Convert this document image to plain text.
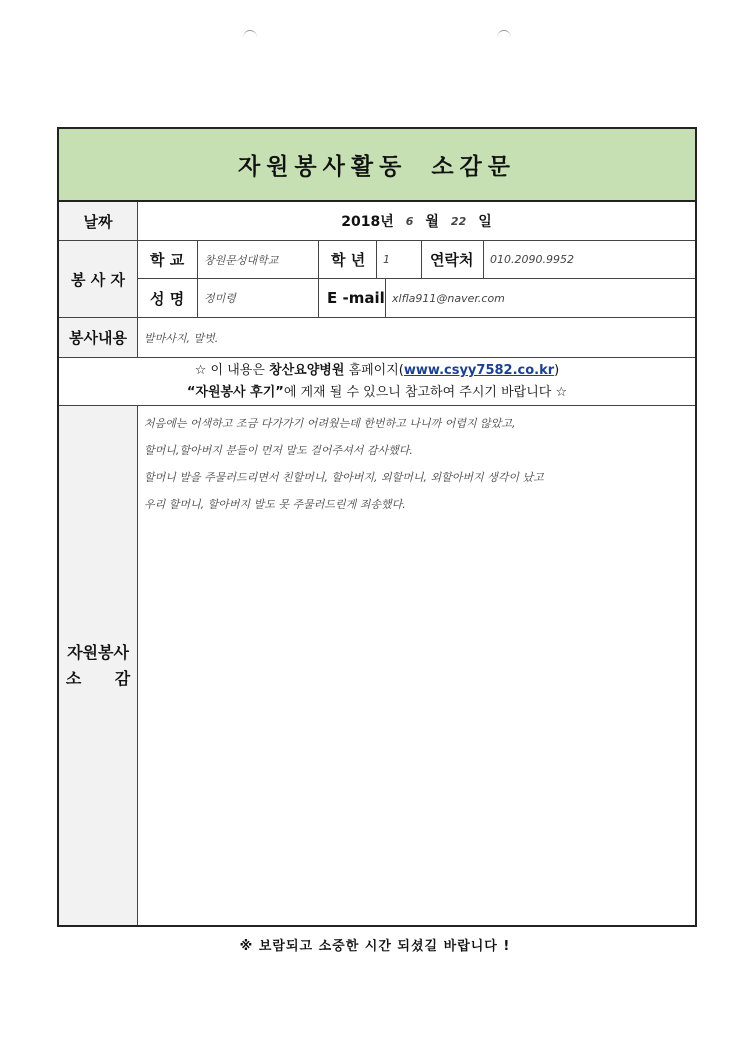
자원봉사활동 소감문
날짜	2018년	6 월	22 일
봉 사 자
학 교	창원문성대학교	학 년	1	연락처	010.2090.9952
성 명	정미령	E -mail xlfla911@naver.com
봉사내용	발마사지, 말벗.
☆ 이 내용은 창산요양병원 홈페이지(www.csyy7582.co.kr)
“자원봉사 후기”에 게재 될 수 있으니 참고하여 주시기 바랍니다 ☆
자원봉사
소      감
처음에는 어색하고 조금 다가가기 어려웠는데 한번하고 나니까 어렵지 않았고,
할머니,할아버지 분들이 먼저 말도 걸어주셔서 감사했다.
할머니 발을 주물러드리면서 친할머니, 할아버지, 외할머니, 외할아버지 생각이 났고
우리 할머니, 할아버지 발도 못 주물러드린게 죄송했다.
※ 보람되고 소중한 시간 되셨길 바랍니다 !
